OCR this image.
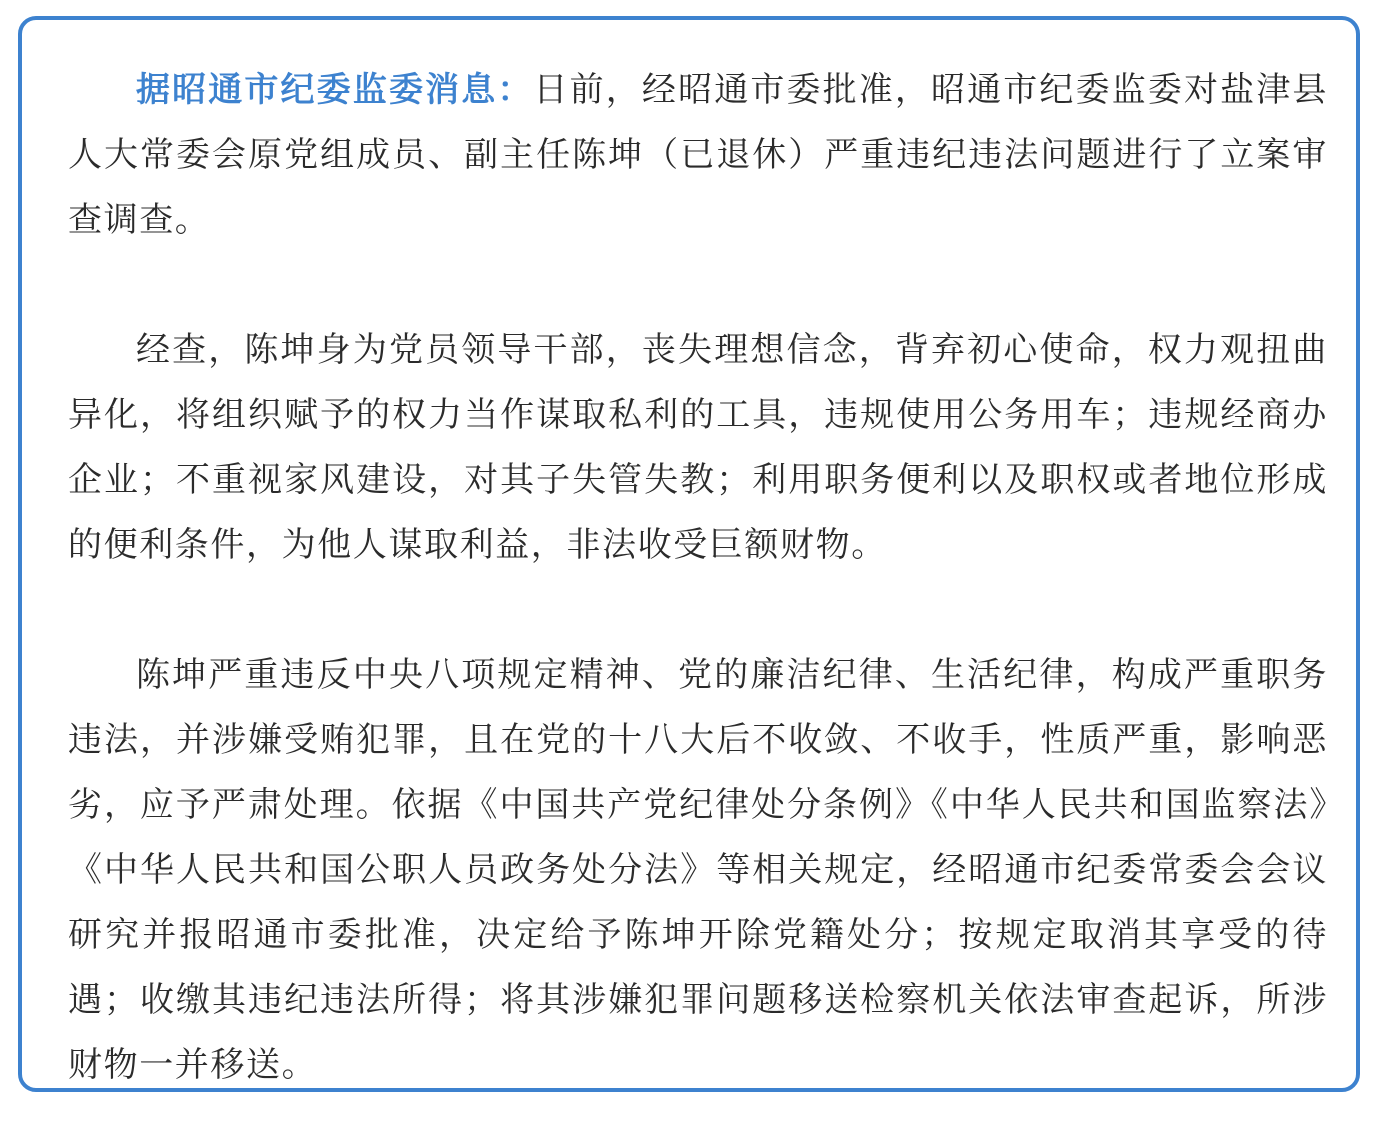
据昭通市纪委监委消息：日前，经昭通市委批准，昭通市纪委监委对盐津县人大常委会原党组成员、副主任陈坤（已退休）严重违纪违法问题进行了立案审查调查。

经查，陈坤身为党员领导干部，丧失理想信念，背弃初心使命，权力观扭曲异化，将组织赋予的权力当作谋取私利的工具，违规使用公务用车；违规经商办企业；不重视家风建设，对其子失管失教；利用职务便利以及职权或者地位形成的便利条件，为他人谋取利益，非法收受巨额财物。

陈坤严重违反中央八项规定精神、党的廉洁纪律、生活纪律，构成严重职务违法，并涉嫌受贿犯罪，且在党的十八大后不收敛、不收手，性质严重，影响恶劣，应予严肃处理。依据《中国共产党纪律处分条例》《中华人民共和国监察法》《中华人民共和国公职人员政务处分法》等相关规定，经昭通市纪委常委会会议研究并报昭通市委批准，决定给予陈坤开除党籍处分；按规定取消其享受的待遇；收缴其违纪违法所得；将其涉嫌犯罪问题移送检察机关依法审查起诉，所涉财物一并移送。
